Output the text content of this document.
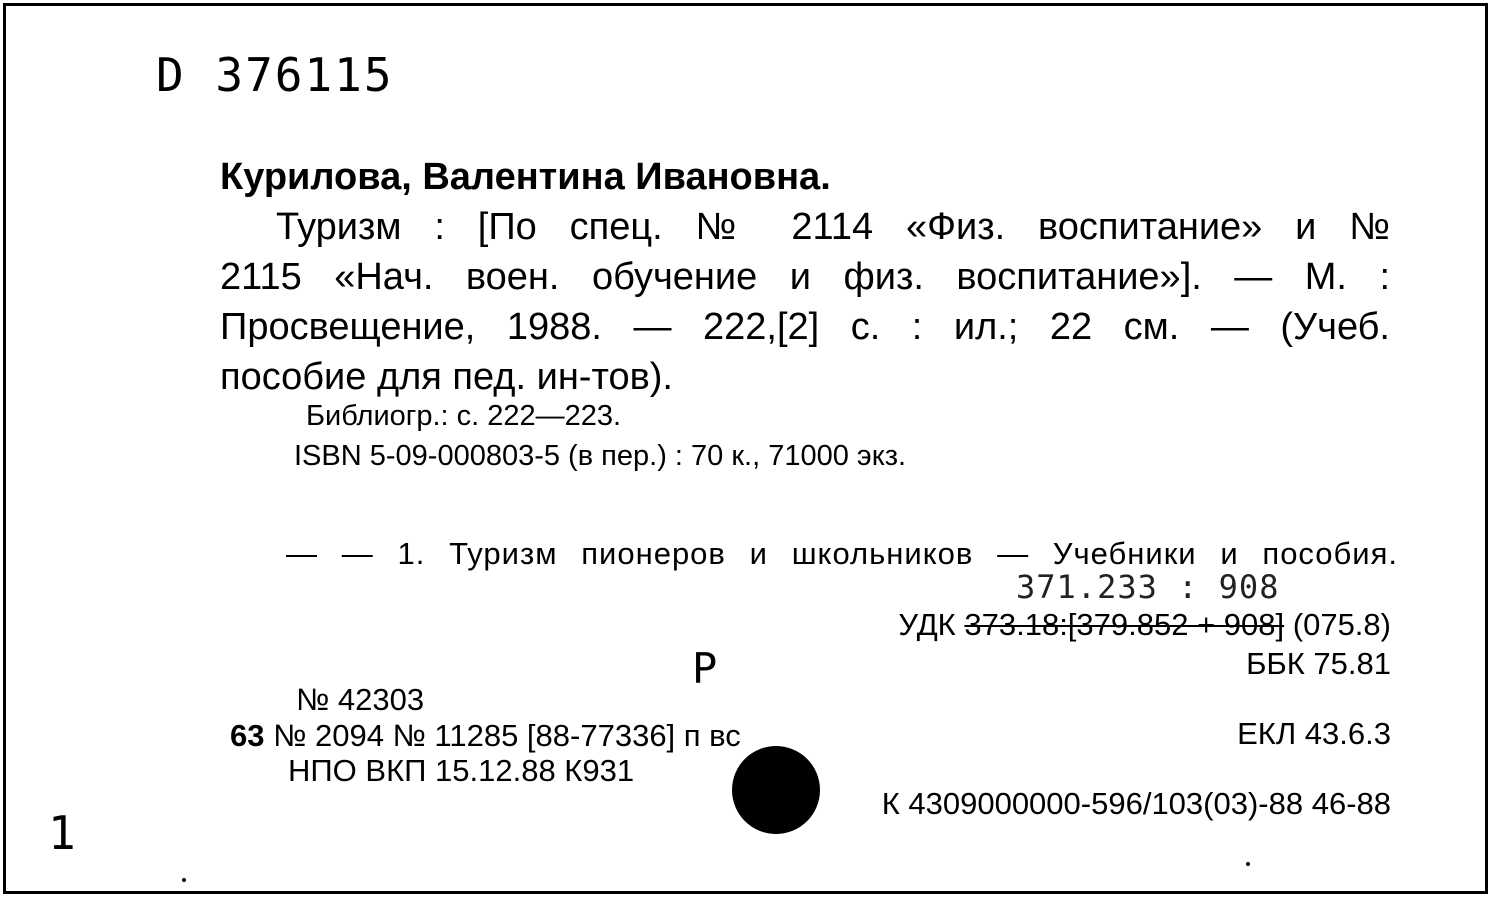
D 376115
Курилова, Валентина Ивановна.
Туризм : [По спец. № 2114 «Физ. воспитание» и №
2115 «Нач. воен. обучение и физ. воспитание»]. — М. :
Просвещение, 1988. — 222,[2] с. : ил.; 22 см. — (Учеб.
пособие для пед. ин-тов).
Библиогр.: с. 222—223.
ISBN 5-09-000803-5 (в пер.) : 70 к., 71000 экз.
— — 1. Туризм пионеров и школьников — Учебники и пособия.
371.233 : 908
УДК 373.18:[379.852 + 908] (075.8)
ББК 75.81
Р
№ 42303
63 № 2094 № 11285 [88-77336] п вс
НПО ВКП 15.12.88 К931
ЕКЛ 43.6.3
К 4309000000-596/103(03)-88 46-88
1
